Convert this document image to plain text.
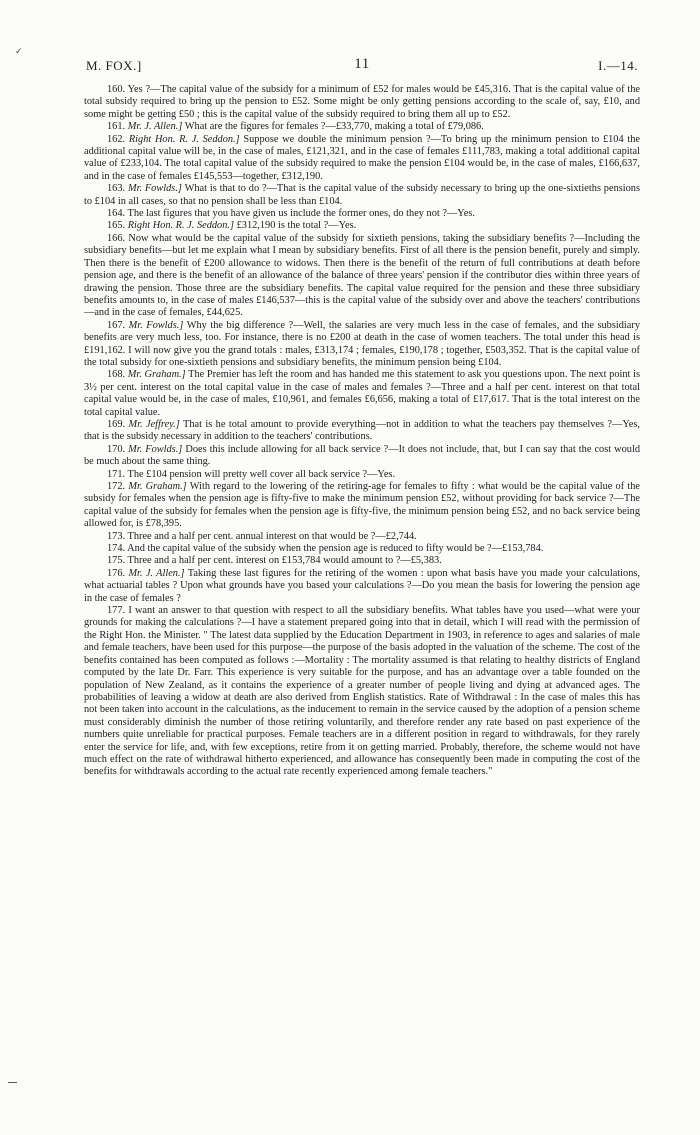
✓
M. FOX.]	11	I.—14.

160. Yes ?—The capital value of the subsidy for a minimum of £52 for males would be £45,316. That is the capital value of the total subsidy required to bring up the pension to £52. Some might be only getting pensions according to the scale of, say, £10, and some might be getting £50 ; this is the capital value of the subsidy required to bring them all up to £52.

161. Mr. J. Allen.] What are the figures for females ?—£33,770, making a total of £79,086.

162. Right Hon. R. J. Seddon.] Suppose we double the minimum pension ?—To bring up the minimum pension to £104 the additional capital value will be, in the case of males, £121,321, and in the case of females £111,783, making a total additional capital value of £233,104. The total capital value of the subsidy required to make the pension £104 would be, in the case of males, £166,637, and in the case of females £145,553—together, £312,190.

163. Mr. Fowlds.] What is that to do ?—That is the capital value of the subsidy necessary to bring up the one-sixtieths pensions to £104 in all cases, so that no pension shall be less than £104.

164. The last figures that you have given us include the former ones, do they not ?—Yes.

165. Right Hon. R. J. Seddon.] £312,190 is the total ?—Yes.

166. Now what would be the capital value of the subsidy for sixtieth pensions, taking the subsidiary benefits ?—Including the subsidiary benefits—but let me explain what I mean by subsidiary benefits. First of all there is the pension benefit, purely and simply. Then there is the benefit of £200 allowance to widows. Then there is the benefit of the return of full contributions at death before pension age, and there is the benefit of an allowance of the balance of three years' pension if the contributor dies within three years of drawing the pension. Those three are the subsidiary benefits. The capital value required for the pension and these three subsidiary benefits amounts to, in the case of males £146,537—this is the capital value of the subsidy over and above the teachers' contributions—and in the case of females, £44,625.

167. Mr. Fowlds.] Why the big difference ?—Well, the salaries are very much less in the case of females, and the subsidiary benefits are very much less, too. For instance, there is no £200 at death in the case of women teachers. The total under this head is £191,162. I will now give you the grand totals : males, £313,174 ; females, £190,178 ; together, £503,352. That is the capital value of the total subsidy for one-sixtieth pensions and subsidiary benefits, the minimum pension being £104.

168. Mr. Graham.] The Premier has left the room and has handed me this statement to ask you questions upon. The next point is 3½ per cent. interest on the total capital value in the case of males and females ?—Three and a half per cent. interest on that total capital value would be, in the case of males, £10,961, and females £6,656, making a total of £17,617. That is the total interest on the total capital value.

169. Mr. Jeffrey.] That is he total amount to provide everything—not in addition to what the teachers pay themselves ?—Yes, that is the subsidy necessary in addition to the teachers' contributions.

170. Mr. Fowlds.] Does this include allowing for all back service ?—It does not include, that, but I can say that the cost would be much about the same thing.

171. The £104 pension will pretty well cover all back service ?—Yes.

172. Mr. Graham.] With regard to the lowering of the retiring-age for females to fifty : what would be the capital value of the subsidy for females when the pension age is fifty-five to make the minimum pension £52, without providing for back service ?—The capital value of the subsidy for females when the pension age is fifty-five, the minimum pension being £52, and no back service being allowed for, is £78,395.

173. Three and a half per cent. annual interest on that would be ?—£2,744.

174. And the capital value of the subsidy when the pension age is reduced to fifty would be ?—£153,784.

175. Three and a half per cent. interest on £153,784 would amount to ?—£5,383.

176. Mr. J. Allen.] Taking these last figures for the retiring of the women : upon what basis have you made your calculations, what actuarial tables ? Upon what grounds have you based your calculations ?—Do you mean the basis for lowering the pension age in the case of females ?

177. I want an answer to that question with respect to all the subsidiary benefits. What tables have you used—what were your grounds for making the calculations ?—I have a statement prepared going into that in detail, which I will read with the permission of the Right Hon. the Minister. " The latest data supplied by the Education Department in 1903, in reference to ages and salaries of male and female teachers, have been used for this purpose—the purpose of the basis adopted in the valuation of the scheme. The cost of the benefits contained has been computed as follows :—Mortality : The mortality assumed is that relating to healthy districts of England computed by the late Dr. Farr. This experience is very suitable for the purpose, and has an advantage over a table founded on the population of New Zealand, as it contains the experience of a greater number of people living and dying at advanced ages. The probabilities of leaving a widow at death are also derived from English statistics. Rate of Withdrawal : In the case of males this has not been taken into account in the calculations, as the inducement to remain in the service caused by the adoption of a pension scheme must considerably diminish the number of those retiring voluntarily, and therefore render any rate based on past experience of the numbers quite unreliable for practical purposes. Female teachers are in a different position in regard to withdrawals, for they rarely enter the service for life, and, with few exceptions, retire from it on getting married. Probably, therefore, the scheme would not have much effect on the rate of withdrawal hitherto experienced, and allowance has consequently been made in computing the cost of the benefits for withdrawals according to the actual rate recently experienced among female teachers."
